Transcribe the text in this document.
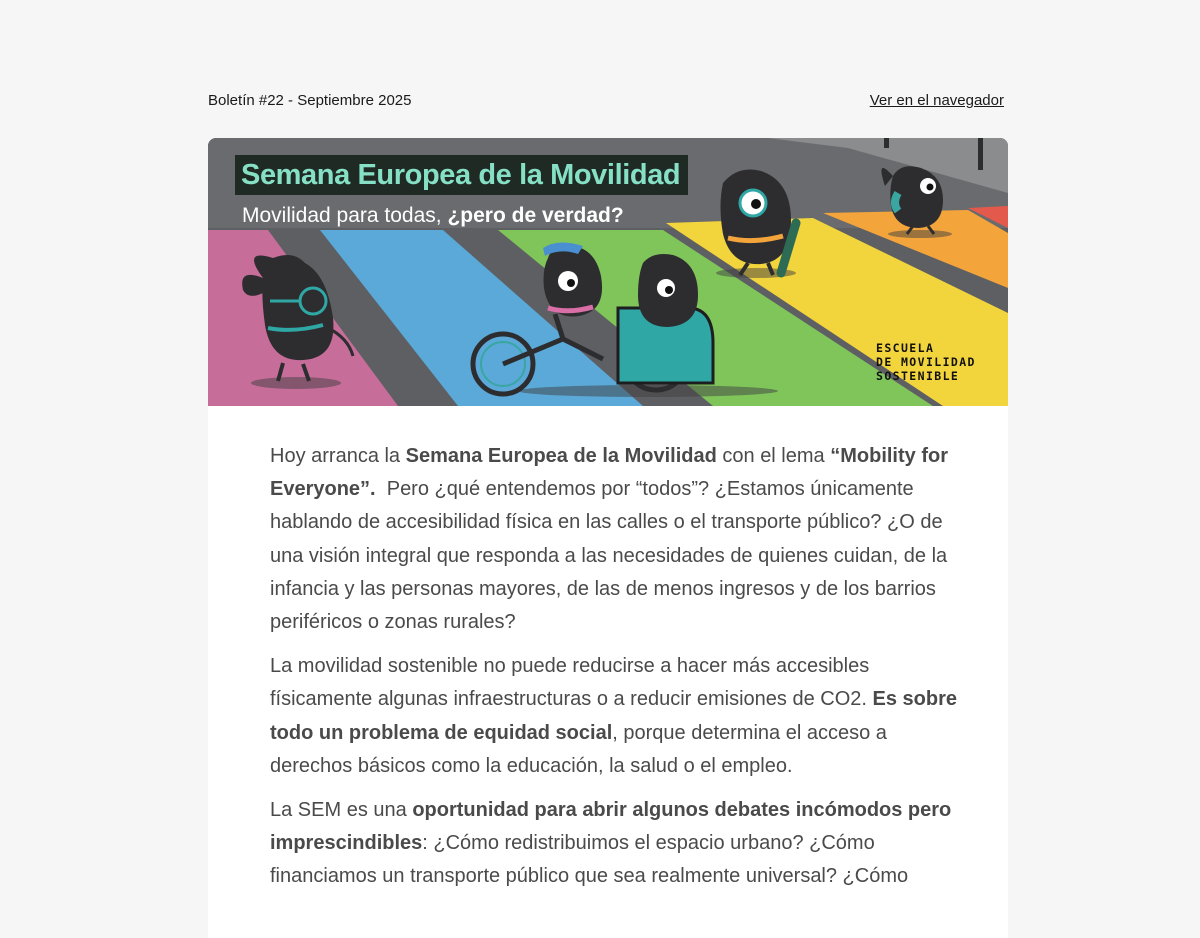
Boletín #22 - Septiembre 2025	Ver en el navegador
Semana Europea de la Movilidad
Movilidad para todas, ¿pero de verdad?
ESCUELA
DE MOVILIDAD
SOSTENIBLE

Hoy arranca la Semana Europea de la Movilidad con el lema “Mobility for Everyone”.  Pero ¿qué entendemos por “todos”? ¿Estamos únicamente hablando de accesibilidad física en las calles o el transporte público? ¿O de una visión integral que responda a las necesidades de quienes cuidan, de la infancia y las personas mayores, de las de menos ingresos y de los barrios periféricos o zonas rurales?

La movilidad sostenible no puede reducirse a hacer más accesibles físicamente algunas infraestructuras o a reducir emisiones de CO2. Es sobre todo un problema de equidad social, porque determina el acceso a derechos básicos como la educación, la salud o el empleo.

La SEM es una oportunidad para abrir algunos debates incómodos pero imprescindibles: ¿Cómo redistribuimos el espacio urbano? ¿Cómo financiamos un transporte público que sea realmente universal? ¿Cómo
